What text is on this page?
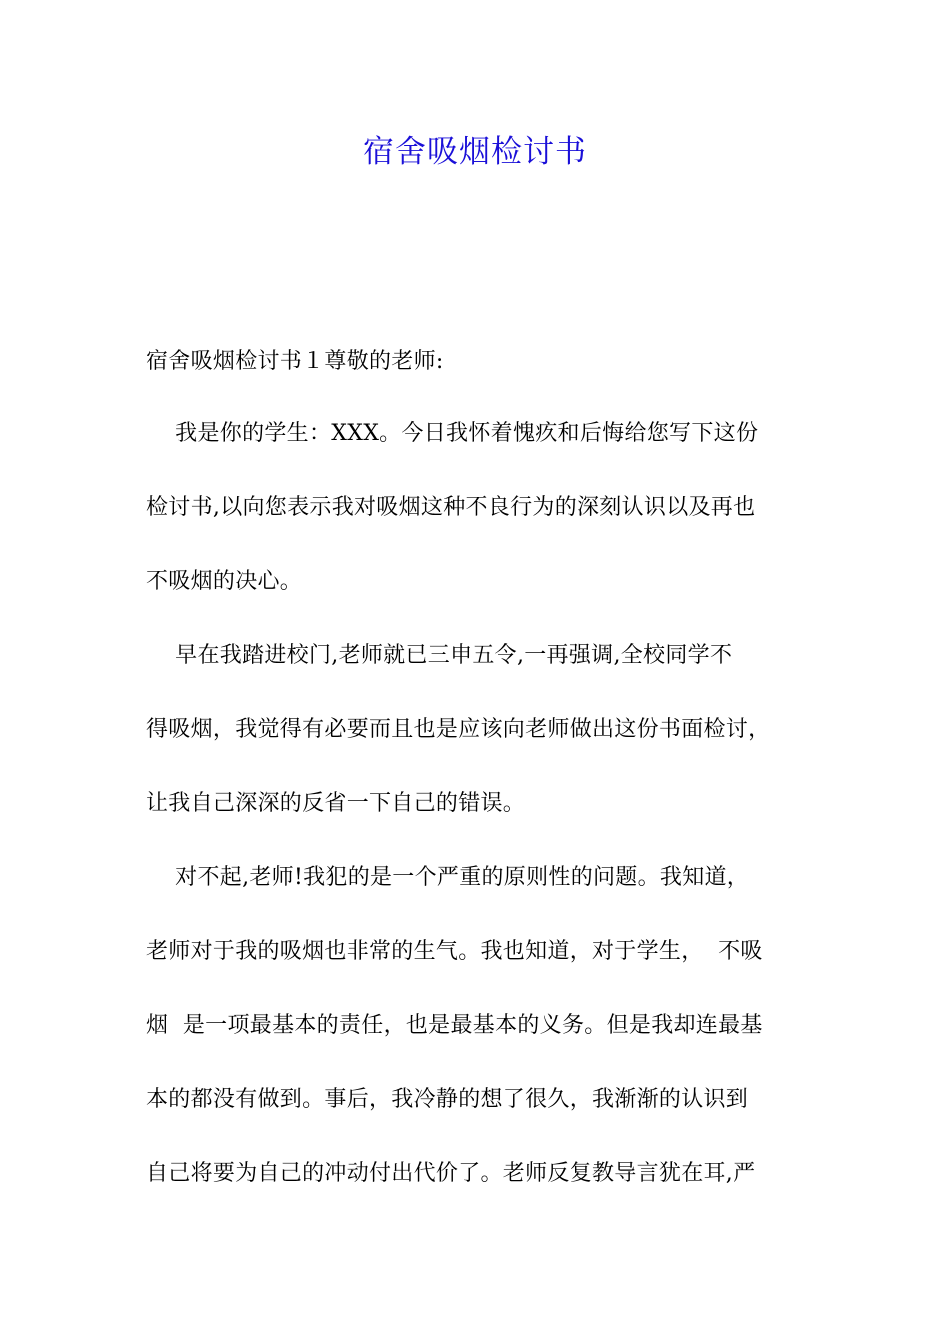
宿舍吸烟检讨书
宿舍吸烟检讨书１尊敬的老师:
我是你的学生：XXX。今日我怀着愧疚和后悔给您写下这份
检讨书,以向您表示我对吸烟这种不良行为的深刻认识以及再也
不吸烟的决心。
早在我踏进校门,老师就已三申五令,一再强调,全校同学不
得吸烟，我觉得有必要而且也是应该向老师做出这份书面检讨，
让我自己深深的反省一下自己的错误。
对不起,老师!我犯的是一个严重的原则性的问题。我知道，
老师对于我的吸烟也非常的生气。我也知道，对于学生，  不吸
烟  是一项最基本的责任，也是最基本的义务。但是我却连最基
本的都没有做到。事后，我冷静的想了很久，我渐渐的认识到
自己将要为自己的冲动付出代价了。老师反复教导言犹在耳,严
